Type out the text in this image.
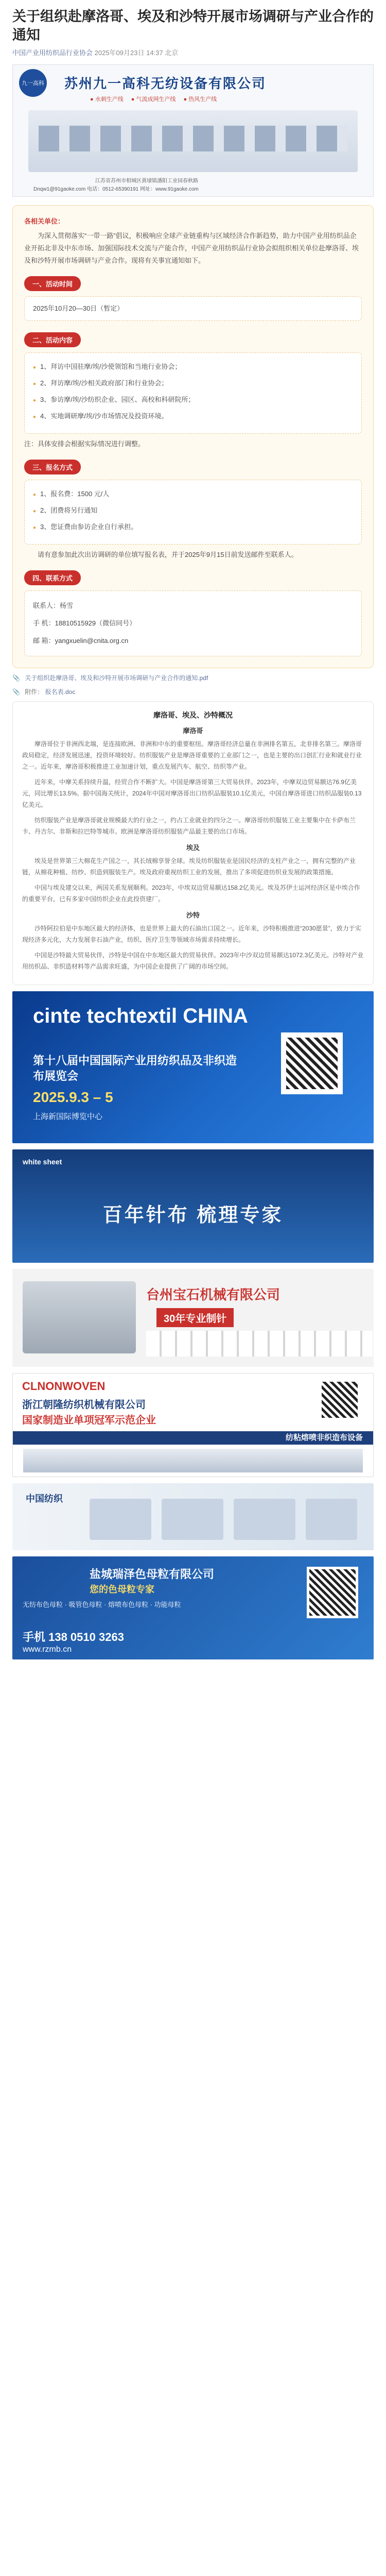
关于组织赴摩洛哥、埃及和沙特开展市场调研与产业合作的通知
中国产业用纺织品行业协会 2025年09月23日 14:37 北京
九一高科 苏州九一高科无纺设备有限公司
● 水刺生产线 ● 气流成网生产线 ● 热风生产线
江苏省苏州市相城区黄埭镇潘阳工业园春秋路
Dnqw1@91gaoke.com 电话：0512-65390191 网址：www.91gaoke.com
各相关单位：
为深入贯彻落实“一带一路”倡议，积极响应全球产业链重构与区域经济合作新趋势，助力中国产业用纺织品企业开拓北非及中东市场、加强国际技术交流与产能合作，中国产业用纺织品行业协会拟组织相关单位赴摩洛哥、埃及和沙特开展市场调研与产业合作。现将有关事宜通知如下。
一、活动时间
2025年10月20—30日（暂定）
二、活动内容
● 1、拜访中国驻摩/埃/沙使领馆和当地行业协会；
● 2、拜访摩/埃/沙相关政府部门和行业协会；
● 3、参访摩/埃/沙纺织企业、园区、高校和科研院所；
● 4、实地调研摩/埃/沙市场情况及投资环境。
注：具体安排会根据实际情况进行调整。
三、报名方式
● 1、报名费：1500 元/人
● 2、团费将另行通知
● 3、您证费由参访企业自行承担。
请有意参加此次出访调研的单位填写报名表，并于2025年9月15日前发送邮件至联系人。
四、联系方式
联系人：杨雪
手 机：18810515929（微信同号）
邮 箱：yangxuelin@cnita.org.cn
📎 关于组织赴摩洛哥、埃及和沙特开展市场调研与产业合作的通知.pdf
📎 附件： 报名表.doc
摩洛哥、埃及、沙特概况
摩洛哥
摩洛哥位于非洲西北端，是连接欧洲、非洲和中东的重要枢纽。摩洛哥经济总量在非洲排名第五，北非排名第三。摩洛哥政局稳定，经济发展迅速，投资环境较好。纺织服装产业是摩洛哥重要的工业部门之一，也是主要的出口创汇行业和就业行业之一。近年来，摩洛哥积极推进工业加速计划，重点发展汽车、航空、纺织等产业。
近年来，中摩关系持续升温，经贸合作不断扩大。中国是摩洛哥第三大贸易伙伴。2023年，中摩双边贸易额达76.9亿美元，同比增长13.5%。据中国海关统计，2024年中国对摩洛哥出口纺织品服装10.1亿美元，中国自摩洛哥进口纺织品服装0.13亿美元。
纺织服装产业是摩洛哥就业规模最大的行业之一，约占工业就业的四分之一。摩洛哥纺织服装工业主要集中在卡萨布兰卡、丹吉尔、非斯和拉巴特等城市。欧洲是摩洛哥纺织服装产品最主要的出口市场。
埃及
埃及是世界第三大棉花生产国之一，其长绒棉享誉全球。埃及纺织服装业是国民经济的支柱产业之一，拥有完整的产业链，从棉花种植、纺纱、织造到服装生产。埃及政府重视纺织工业的发展，推出了多项促进纺织业发展的政策措施。
中国与埃及建交以来，两国关系发展顺利。2023年，中埃双边贸易额达158.2亿美元。埃及苏伊士运河经济区是中埃合作的重要平台，已有多家中国纺织企业在此投资建厂。
沙特
沙特阿拉伯是中东地区最大的经济体，也是世界上最大的石油出口国之一。近年来，沙特积极推进“2030愿景”，致力于实现经济多元化，大力发展非石油产业，纺织、医疗卫生等领域市场需求持续增长。
中国是沙特最大贸易伙伴，沙特是中国在中东地区最大的贸易伙伴。2023年中沙双边贸易额达1072.3亿美元。沙特对产业用纺织品、非织造材料等产品需求旺盛，为中国企业提供了广阔的市场空间。
cinte techtextil CHINA
第十八届中国国际产业用纺织品及非织造布展览会
2025.9.3 – 5
上海新国际博览中心
white sheet
百年针布 梳理专家
台州宝石机械有限公司
30年专业制针
CLNONWOVEN
浙江朝隆纺织机械有限公司
国家制造业单项冠军示范企业
纺粘熔喷非织造布设备
中国纺织
盐城瑞泽色母粒有限公司
您的色母粒专家
无纺布色母粒 · 吸管色母粒 · 熔喷布色母粒 · 功能母粒
手机 138 0510 3263
www.rzmb.cn
